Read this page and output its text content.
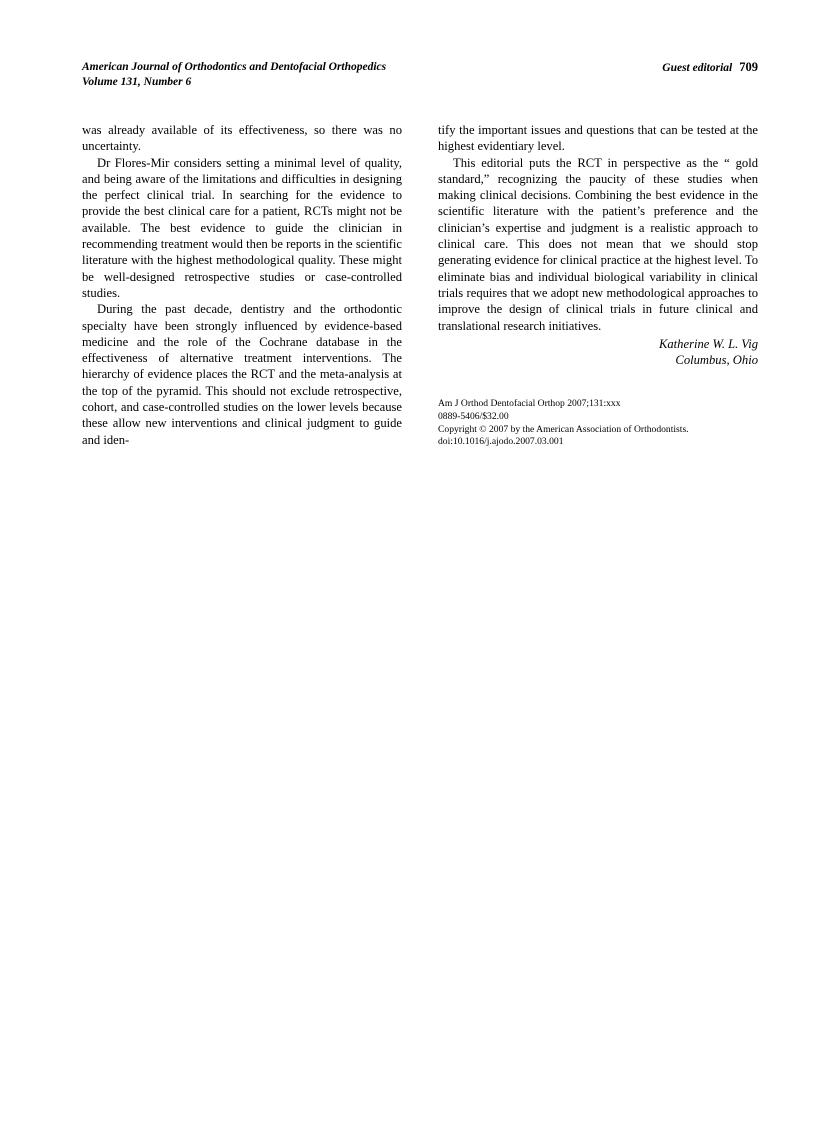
American Journal of Orthodontics and Dentofacial Orthopedics
Volume 131, Number 6
Guest editorial 709

was already available of its effectiveness, so there was no uncertainty.

Dr Flores-Mir considers setting a minimal level of quality, and being aware of the limitations and difficulties in designing the perfect clinical trial. In searching for the evidence to provide the best clinical care for a patient, RCTs might not be available. The best evidence to guide the clinician in recommending treatment would then be reports in the scientific literature with the highest methodological quality. These might be well-designed retrospective studies or case-controlled studies.

During the past decade, dentistry and the orthodontic specialty have been strongly influenced by evidence-based medicine and the role of the Cochrane database in the effectiveness of alternative treatment interventions. The hierarchy of evidence places the RCT and the meta-analysis at the top of the pyramid. This should not exclude retrospective, cohort, and case-controlled studies on the lower levels because these allow new interventions and clinical judgment to guide and iden-

tify the important issues and questions that can be tested at the highest evidentiary level.

This editorial puts the RCT in perspective as the “ gold standard,” recognizing the paucity of these studies when making clinical decisions. Combining the best evidence in the scientific literature with the patient’s preference and the clinician’s expertise and judgment is a realistic approach to clinical care. This does not mean that we should stop generating evidence for clinical practice at the highest level. To eliminate bias and individual biological variability in clinical trials requires that we adopt new methodological approaches to improve the design of clinical trials in future clinical and translational research initiatives.

Katherine W. L. Vig
Columbus, Ohio
Am J Orthod Dentofacial Orthop 2007;131:xxx
0889-5406/$32.00
Copyright © 2007 by the American Association of Orthodontists.
doi:10.1016/j.ajodo.2007.03.001
